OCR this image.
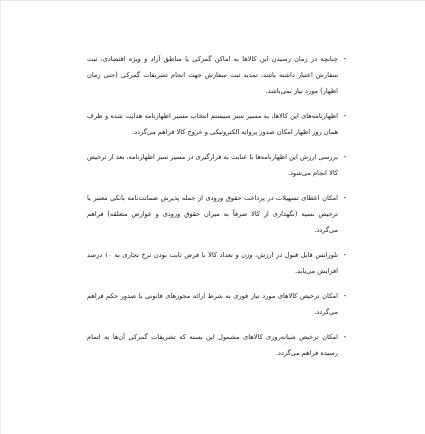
-
چنانچه در زمان رسیدن این کالاها به اماکن گمرکی یا مناطق آزاد و ویژه اقتصادی، ثبت سفارش اعتبار داشته باشد، تمدید ثبت سفارش جهت انجام تشریفات گمرکی (حتی زمان اظهار) مورد نیاز نمی‌باشد.
-
اظهارنامه‌های این کالاها، به مسیر سبز سیستم انتخاب مسیر اظهارنامه هدایت شده و ظرف همان روز اظهار امکان صدور پروانه الکترونیکی و خروج کالا فراهم می‌گردد.
-
بررسی ارزش این اظهارنامه‌ها با عنایت به قرارگیری در مسیر سبز اظهارنامه، بعد از ترخیص کالا انجام می‌شود.
-
امکان اعطای تسهیلات در پرداخت حقوق ورودی از جمله پذیرش ضمانت‌نامه بانکی معتبر یا ترخیص نسیه (نگهداری از کالا صرفاً به میزان حقوق ورودی و عوارض متعلقه) فراهم می‌گردد.
-
تلورانس قابل قبول در ارزش، وزن و تعداد کالا با فرض ثابت بودن نرخ تجاری به ۱۰ درصد افزایش می‌یابد.
-
امکان ترخیص کالاهای مورد نیاز فوری به شرط ارائه مجوزهای قانونی با صدور حکم فراهم می‌گردد.
-
امکان ترخیص شبانه‌روزی کالاهای مشمول این بسته که تشریفات گمرکی آن‌ها به اتمام رسیده فراهم می‌گردد.
